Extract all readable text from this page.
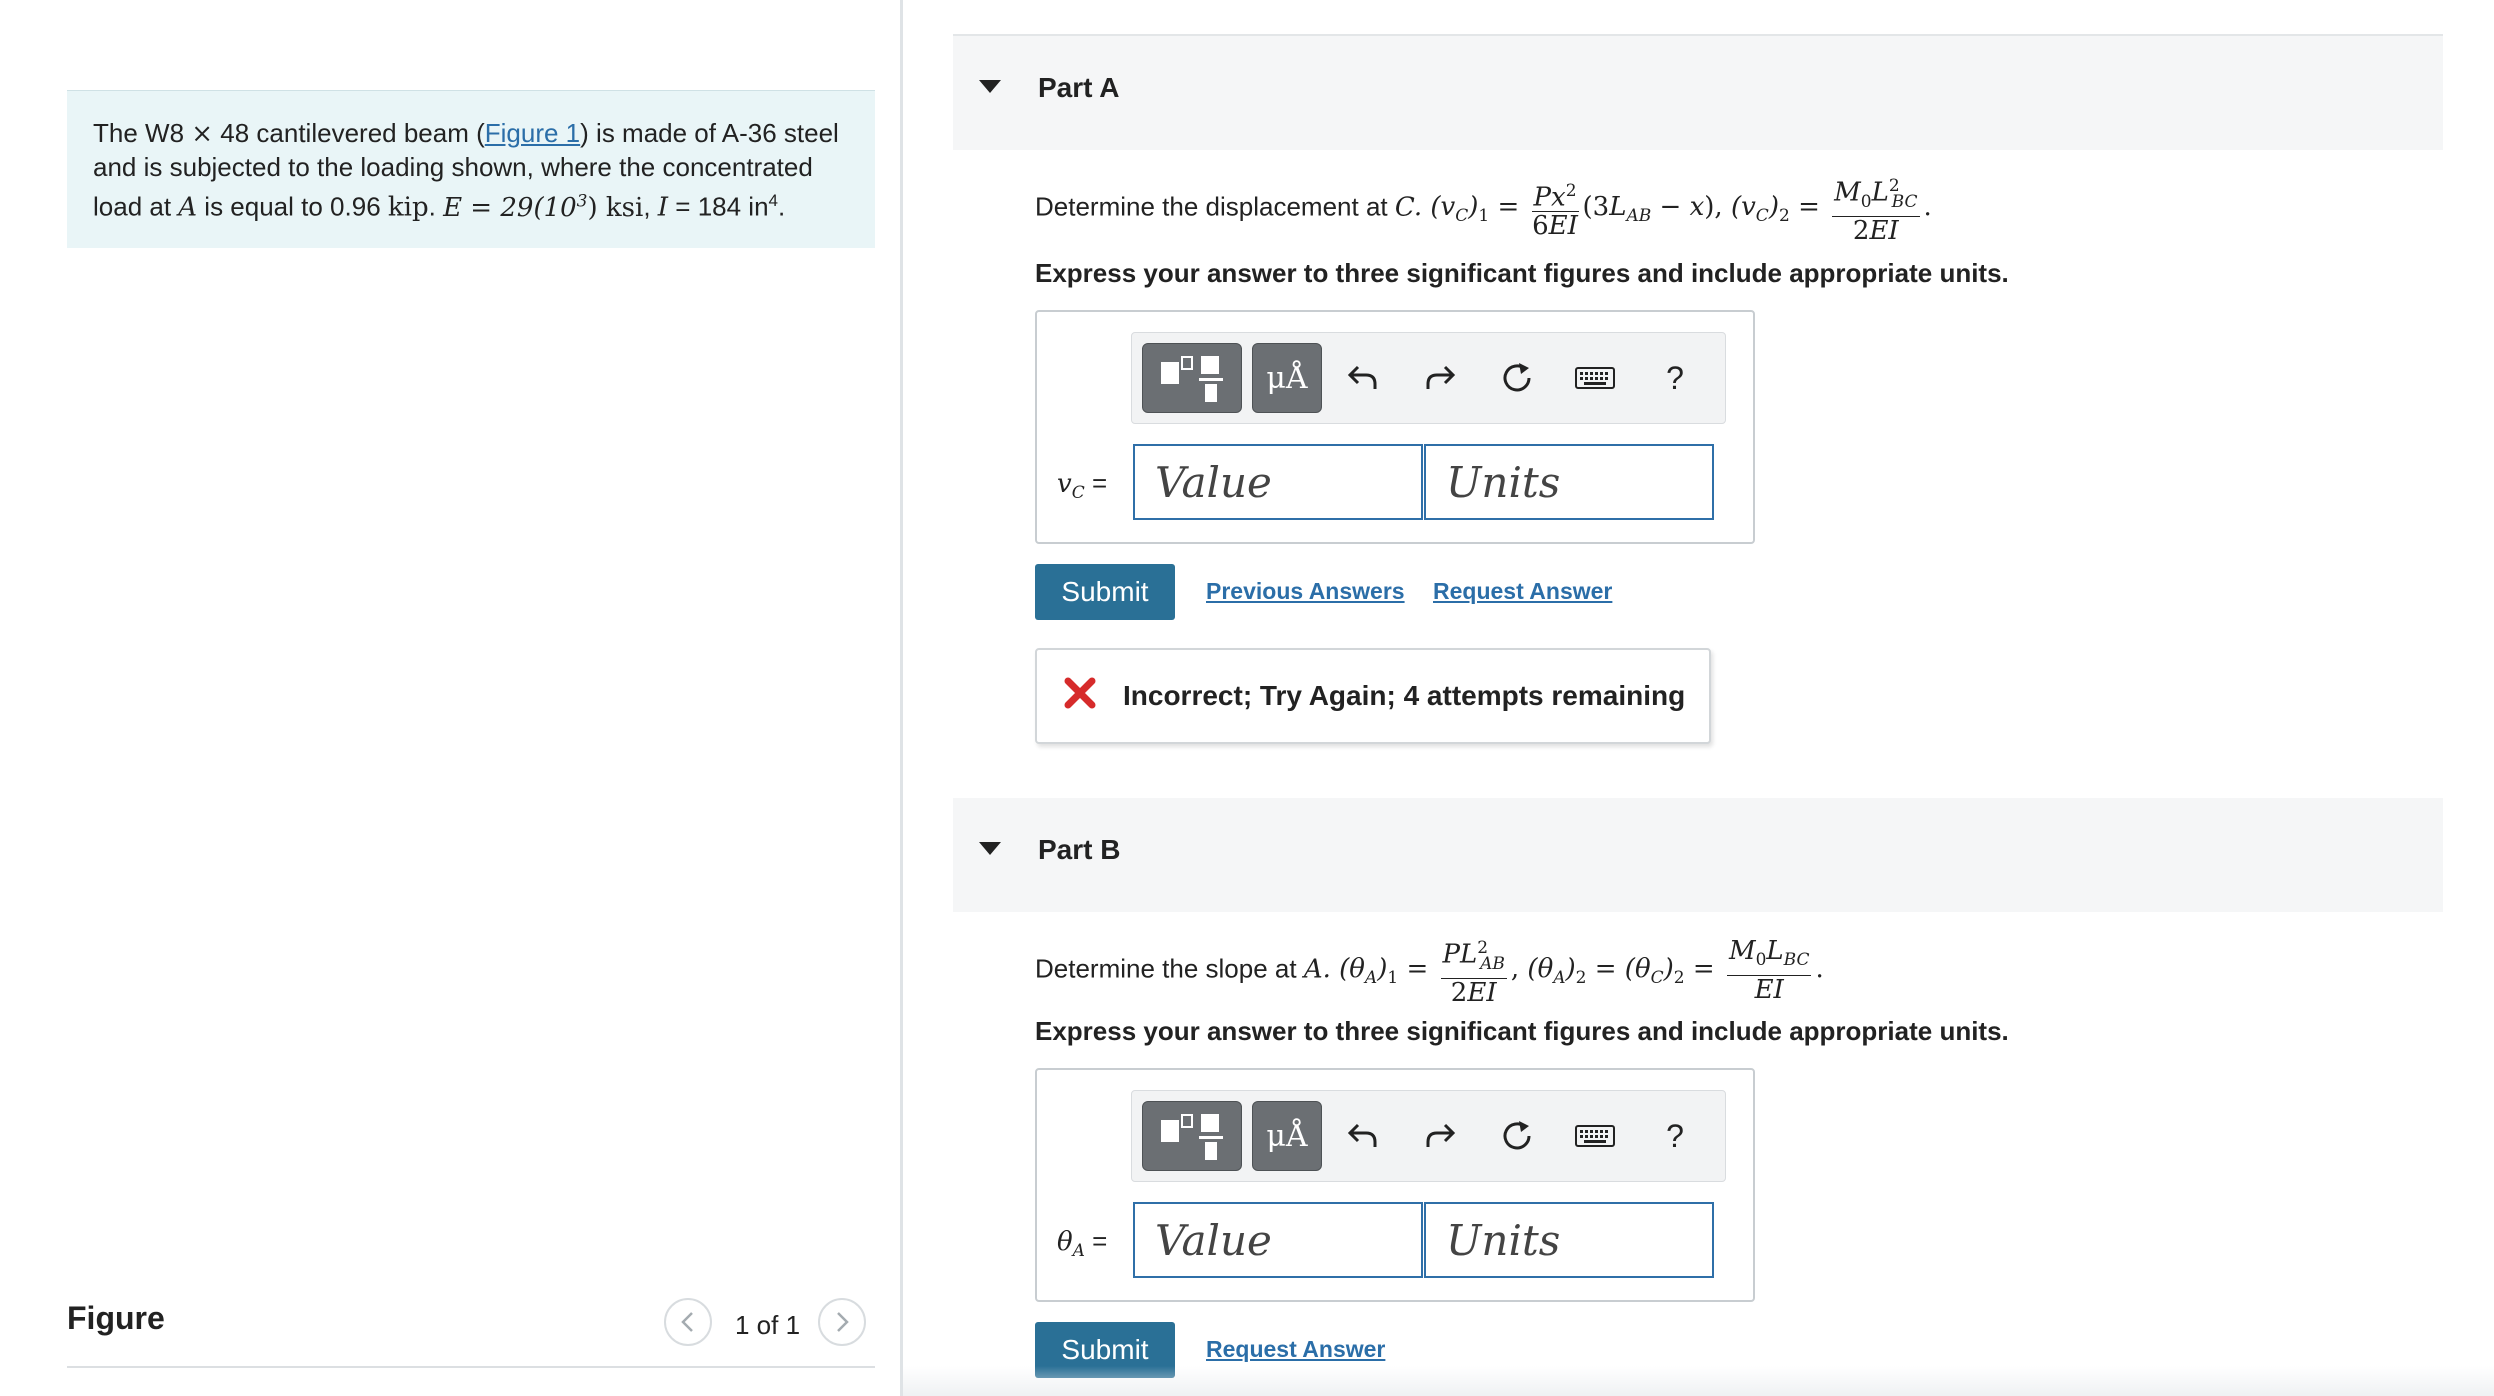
The W8 × 48 cantilevered beam (Figure 1) is made of A-36 steel and is subjected to the loading shown, where the concentrated load at A is equal to 0.96 kip. $E = 29(10^3)$ ksi, I = 184 $in^4$.
Figure	1 of 1
Part A
Determine the displacement at C. $(v_C)_1 = \frac{Px^2}{6EI} (3L_{AB} - x)$, $(v_C)_2 = \frac{M_0L^2_{BC}}{2EI}$ .
Express your answer to three significant figures and include appropriate units.
μÅ	?
$v_C$ =
Value
Units
Submit	Previous Answers Request Answer
Incorrect; Try Again; 4 attempts remaining
Part B
Determine the slope at A. $(\theta_A)_1 = \frac{PL^2_{AB}}{2EI}$ , $(\theta_A)_2 = (\theta_C)_2 = \frac{M_0L_{BC}}{EI}$ .
Express your answer to three significant figures and include appropriate units.
μÅ	?
$\theta_A$ =
Value
Units
Submit	Request Answer
